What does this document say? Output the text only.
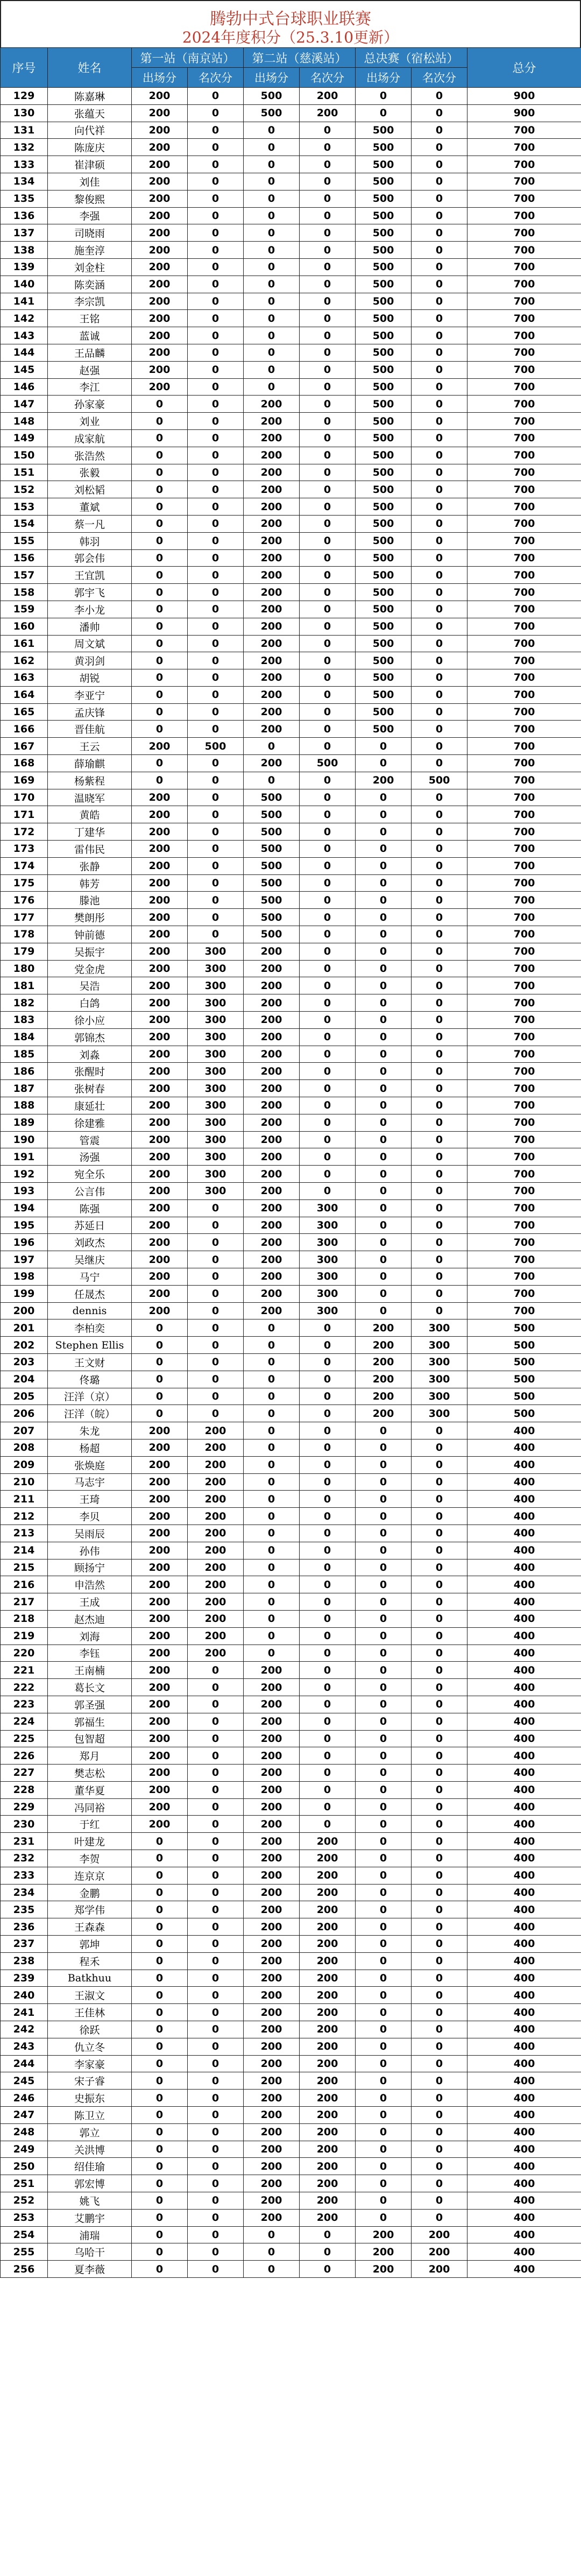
腾勃中式台球职业联赛
2024年度积分（25.3.10更新）
序号	姓名	第一站（南京站）		第二站（慈溪站）		总决赛（宿松站）		总分
		出场分	名次分	出场分	名次分	出场分	名次分	
129	陈嘉琳	200	0	500	200	0	0	900
130	张蕴天	200	0	500	200	0	0	900
131	向代祥	200	0	0	0	500	0	700
132	陈庞庆	200	0	0	0	500	0	700
133	崔津硕	200	0	0	0	500	0	700
134	刘佳	200	0	0	0	500	0	700
135	黎俊熙	200	0	0	0	500	0	700
136	李强	200	0	0	0	500	0	700
137	司晓雨	200	0	0	0	500	0	700
138	施奎淳	200	0	0	0	500	0	700
139	刘金柱	200	0	0	0	500	0	700
140	陈奕涵	200	0	0	0	500	0	700
141	李宗凯	200	0	0	0	500	0	700
142	王铭	200	0	0	0	500	0	700
143	蓝诚	200	0	0	0	500	0	700
144	王品麟	200	0	0	0	500	0	700
145	赵强	200	0	0	0	500	0	700
146	李江	200	0	0	0	500	0	700
147	孙家豪	0	0	200	0	500	0	700
148	刘业	0	0	200	0	500	0	700
149	成家航	0	0	200	0	500	0	700
150	张浩然	0	0	200	0	500	0	700
151	张毅	0	0	200	0	500	0	700
152	刘松韬	0	0	200	0	500	0	700
153	董斌	0	0	200	0	500	0	700
154	蔡一凡	0	0	200	0	500	0	700
155	韩羽	0	0	200	0	500	0	700
156	郭会伟	0	0	200	0	500	0	700
157	王宜凯	0	0	200	0	500	0	700
158	郭宇飞	0	0	200	0	500	0	700
159	李小龙	0	0	200	0	500	0	700
160	潘帅	0	0	200	0	500	0	700
161	周文斌	0	0	200	0	500	0	700
162	黄羽剑	0	0	200	0	500	0	700
163	胡锐	0	0	200	0	500	0	700
164	李亚宁	0	0	200	0	500	0	700
165	孟庆锋	0	0	200	0	500	0	700
166	晋佳航	0	0	200	0	500	0	700
167	王云	200	500	0	0	0	0	700
168	薛瑜麒	0	0	200	500	0	0	700
169	杨紫程	0	0	0	0	200	500	700
170	温晓军	200	0	500	0	0	0	700
171	黄皓	200	0	500	0	0	0	700
172	丁建华	200	0	500	0	0	0	700
173	雷伟民	200	0	500	0	0	0	700
174	张静	200	0	500	0	0	0	700
175	韩芳	200	0	500	0	0	0	700
176	滕池	200	0	500	0	0	0	700
177	樊朗彤	200	0	500	0	0	0	700
178	钟前德	200	0	500	0	0	0	700
179	吴振宇	200	300	200	0	0	0	700
180	党金虎	200	300	200	0	0	0	700
181	吴浩	200	300	200	0	0	0	700
182	白鸽	200	300	200	0	0	0	700
183	徐小应	200	300	200	0	0	0	700
184	郭锦杰	200	300	200	0	0	0	700
185	刘淼	200	300	200	0	0	0	700
186	张醒时	200	300	200	0	0	0	700
187	张树春	200	300	200	0	0	0	700
188	康延壮	200	300	200	0	0	0	700
189	徐建雅	200	300	200	0	0	0	700
190	管震	200	300	200	0	0	0	700
191	汤强	200	300	200	0	0	0	700
192	宛全乐	200	300	200	0	0	0	700
193	公言伟	200	300	200	0	0	0	700
194	陈强	200	0	200	300	0	0	700
195	苏延日	200	0	200	300	0	0	700
196	刘政杰	200	0	200	300	0	0	700
197	吴继庆	200	0	200	300	0	0	700
198	马宁	200	0	200	300	0	0	700
199	任晟杰	200	0	200	300	0	0	700
200	dennis	200	0	200	300	0	0	700
201	李柏奕	0	0	0	0	200	300	500
202	Stephen Ellis	0	0	0	0	200	300	500
203	王文财	0	0	0	0	200	300	500
204	佟璐	0	0	0	0	200	300	500
205	汪洋（京）	0	0	0	0	200	300	500
206	汪洋（皖）	0	0	0	0	200	300	500
207	朱龙	200	200	0	0	0	0	400
208	杨超	200	200	0	0	0	0	400
209	张焕庭	200	200	0	0	0	0	400
210	马志宇	200	200	0	0	0	0	400
211	王琦	200	200	0	0	0	0	400
212	李贝	200	200	0	0	0	0	400
213	吴雨辰	200	200	0	0	0	0	400
214	孙伟	200	200	0	0	0	0	400
215	顾扬宁	200	200	0	0	0	0	400
216	申浩然	200	200	0	0	0	0	400
217	王成	200	200	0	0	0	0	400
218	赵杰迪	200	200	0	0	0	0	400
219	刘海	200	200	0	0	0	0	400
220	李钰	200	200	0	0	0	0	400
221	王南楠	200	0	200	0	0	0	400
222	葛长文	200	0	200	0	0	0	400
223	郭圣强	200	0	200	0	0	0	400
224	郭福生	200	0	200	0	0	0	400
225	包智超	200	0	200	0	0	0	400
226	郑月	200	0	200	0	0	0	400
227	樊志松	200	0	200	0	0	0	400
228	董华夏	200	0	200	0	0	0	400
229	冯同裕	200	0	200	0	0	0	400
230	于红	200	0	200	0	0	0	400
231	叶建龙	0	0	200	200	0	0	400
232	李贺	0	0	200	200	0	0	400
233	连京京	0	0	200	200	0	0	400
234	金鹏	0	0	200	200	0	0	400
235	郑学伟	0	0	200	200	0	0	400
236	王森森	0	0	200	200	0	0	400
237	郭坤	0	0	200	200	0	0	400
238	程禾	0	0	200	200	0	0	400
239	Batkhuu	0	0	200	200	0	0	400
240	王淑文	0	0	200	200	0	0	400
241	王佳林	0	0	200	200	0	0	400
242	徐跃	0	0	200	200	0	0	400
243	仇立冬	0	0	200	200	0	0	400
244	李家豪	0	0	200	200	0	0	400
245	宋子睿	0	0	200	200	0	0	400
246	史振东	0	0	200	200	0	0	400
247	陈卫立	0	0	200	200	0	0	400
248	郭立	0	0	200	200	0	0	400
249	关洪博	0	0	200	200	0	0	400
250	绍佳瑜	0	0	200	200	0	0	400
251	郭宏博	0	0	200	200	0	0	400
252	姚飞	0	0	200	200	0	0	400
253	艾鹏宇	0	0	200	200	0	0	400
254	浦瑞	0	0	0	0	200	200	400
255	乌哈干	0	0	0	0	200	200	400
256	夏李薇	0	0	0	0	200	200	400
